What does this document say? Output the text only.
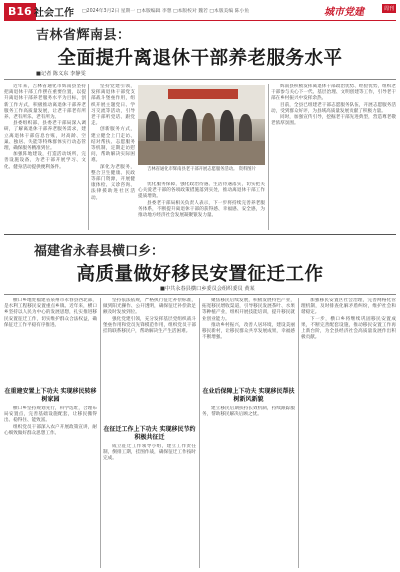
B16 社会工作 □2024年3月2日 星期一 □本版编辑 李想 □本版校对 魏若 □本版美编 陈小鱼	城市党建	周刊
吉林省辉南县：
全面提升离退休干部养老服务水平
■记者 陈义东 李静雯

近年来，吉林省通化市辉南县坚持把离退休干部工作摆在重要位置，以提升离退休干部养老服务水平为目标，创新工作方式，积极推动离退休干部养老服务工作高质量发展，让老干部老有所养、老有所乐、老有所为。

县委组织部、县委老干部局深入调研，了解离退休干部养老服务需求，建立离退休干部信息台账，对高龄、空巢、独居、失能等特殊群体实行动态管理，确保服务精准到位。

加强阵地建设，打造活动场所，完善设施设备，为老干部开展学习、文化、健身活动提供便利条件。

坚持党建引领，发挥离退休干部党支部战斗堡垒作用，组织开展主题党日、学习交流等活动，引导老干部听党话、跟党走。

创新服务方式，建立健全上门走访、结对帮扶、志愿服务等机制，定期走访慰问，帮助解决实际困难。

深化为老服务，整合卫生健康、民政等部门资源，开展健康体检、义诊咨询、法律援助进社区活动。

吉林省通化市辉南县老干部开展志愿服务活动。 资料图片

优化服务保障，强化政治待遇、生活待遇落实，切实把关心关爱老干部的各项政策措施落到实处，推动离退休干部工作提质增效。

县委老干部局相关负责人表示，下一步将持续完善养老服务体系，不断提升离退休干部的获得感、幸福感、安全感，为推动地方经济社会发展凝聚银发力量。

辉南县积极发挥离退休干部政治优势、经验优势，组织老干部参与关心下一代、基层治理、文明创建等工作，引导老干部在乡村振兴中发挥余热。

目前，全县已组建老干部志愿服务队伍，开展志愿服务活动，受到群众好评，为县域高质量发展贡献了积极力量。

同时，加强宣传引导，挖掘老干部先进典型，营造尊老敬老浓厚氛围。

福建省永春县横口乡：
高质量做好移民安置征迁工作
■中共永春县横口乡委员会组织委员 黄某

横口乡地处福建省泉州市永春县西北部，是水利工程移民安置重点乡镇。近年来，横口乡坚持以人民为中心的发展思想，扎实推进移民安置征迁工作，切实维护群众合法权益，确保征迁工作平稳有序推进。

在重建安置上下功夫 实现移民转移 树家园

横口乡坚持规划先行，科学选址，合理布局安置点，完善基础设施配套，让移民搬得出、稳得住、能致富。

组织党员干部深入农户开展政策宣讲，耐心细致做好群众思想工作。

坚持依法依规，严格执行征迁补偿标准，做到阳光操作、公开透明，确保征迁补偿款足额及时发放到位。

强化党建引领，充分发挥基层党组织战斗堡垒作用和党员先锋模范作用，组织党员干部挂钩联系移民户，帮助解决生产生活困难。

在征迁工作上下功夫 实现移民节约 积极共征迁

成立征迁工作领导小组，建立工作责任制，倒排工期，挂图作战，确保征迁工作按时完成。

聚焦移民后续发展，积极发展特色产业，拓宽移民增收渠道，引导移民发展茶叶、水果等种植产业，组织开展技能培训，提升移民就业创业能力。

推动乡村振兴，改善人居环境，建设美丽移民新村，让移民群众共享发展成果，幸福感不断增强。

在业后保障上下功夫 实现移民帮扶 树新风新貌

建立移民后期扶持长效机制，持续跟踪服务，帮助移民解决后顾之忧。

加强移民安置区社会治理，完善网格化管理机制，及时排查化解矛盾纠纷，维护社会和谐稳定。

下一步，横口乡将继续巩固移民安置成果，不断完善配套设施，推动移民安置工作再上新台阶，为全县经济社会高质量发展作出积极贡献。
